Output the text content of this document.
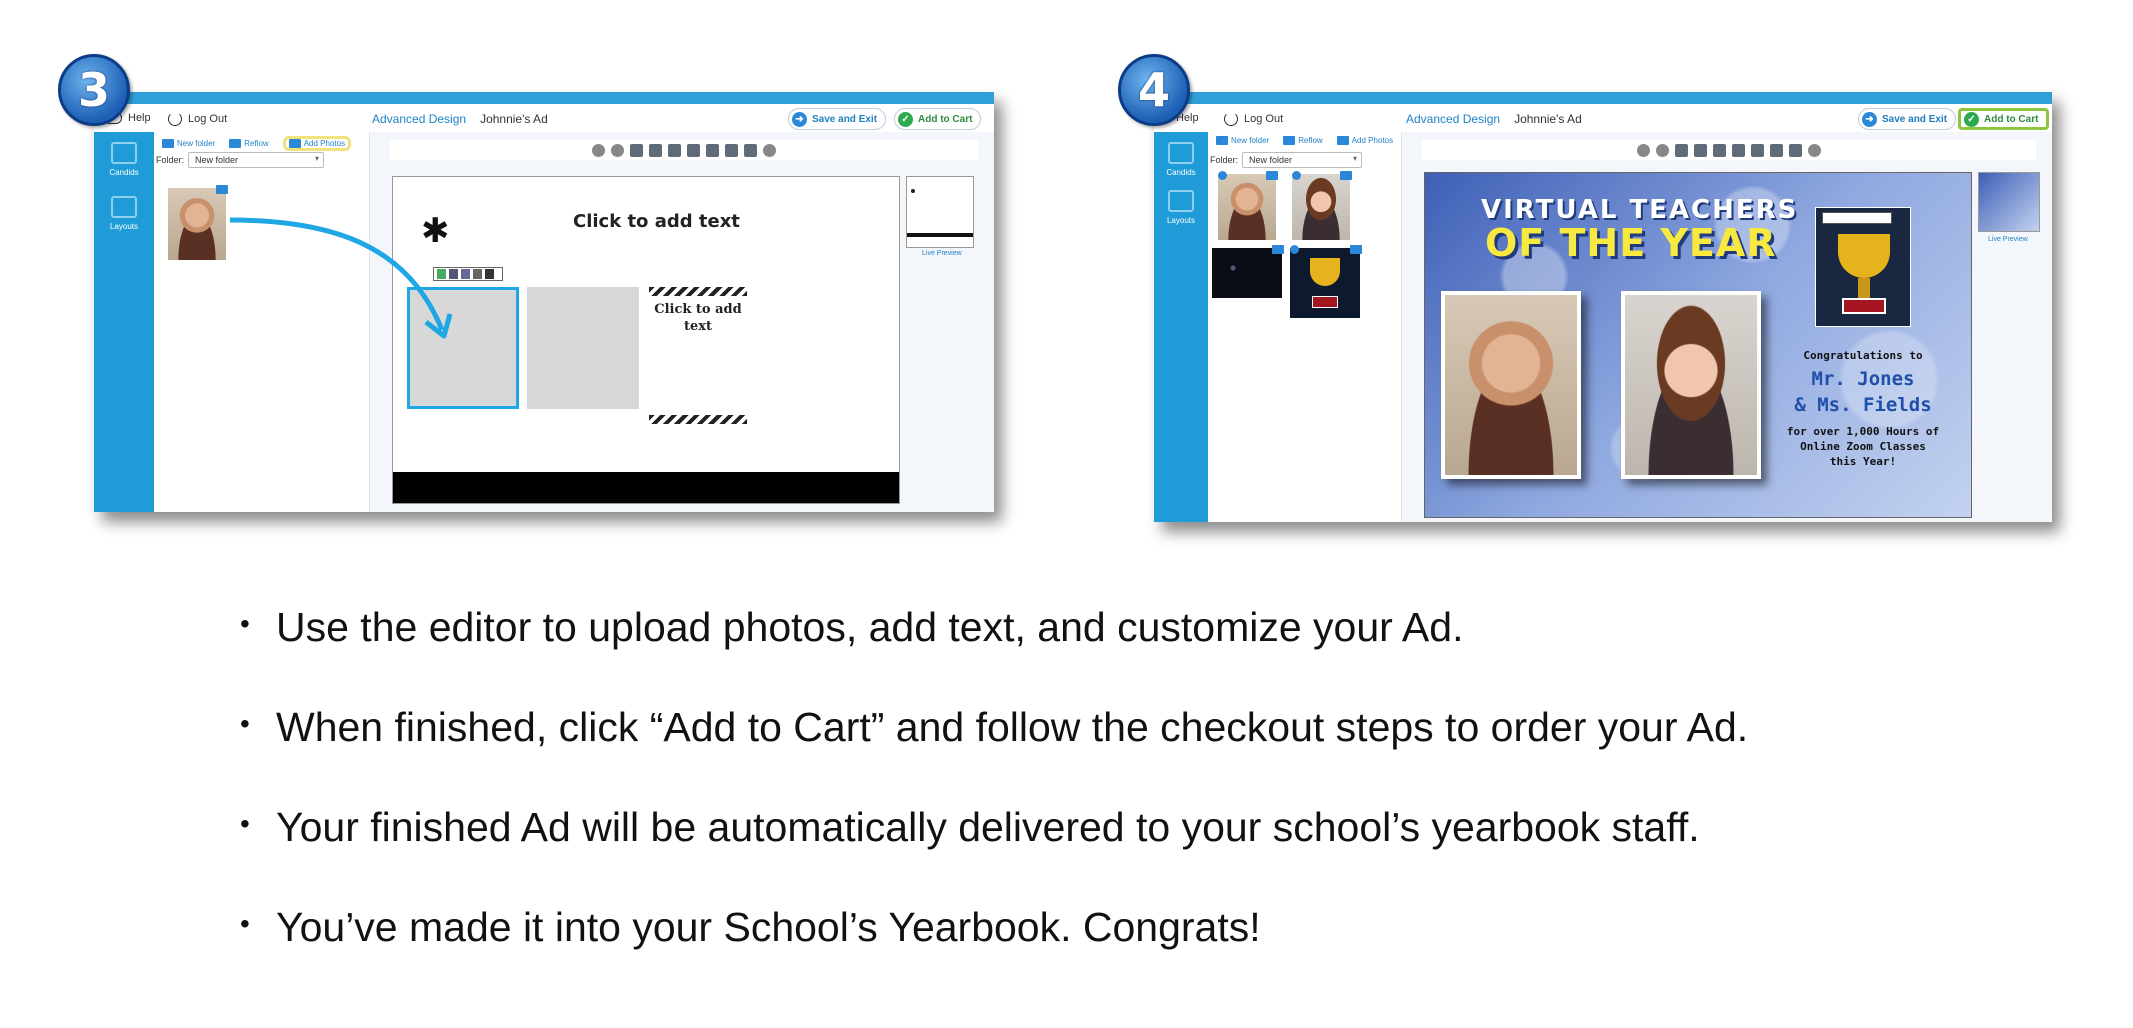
Help	Log Out	Advanced Design Johnnie's Ad	➜ Save and Exit	✓ Add to Cart
Candids
Layouts
New folder	Reflow	Add Photos
Folder:	New folder ▾
✱	Click to add text
Click to add text
Live Preview
Help	Log Out	Advanced Design Johnnie's Ad	➜ Save and Exit	✓ Add to Cart
Candids
Layouts
New folder	Reflow	Add Photos
Folder:	New folder ▾
VIRTUAL TEACHERS
OF THE YEAR
Congratulations to
Mr. Jones
& Ms. Fields
for over 1,000 Hours of
Online Zoom Classes
this Year!
Live Preview
3	4
• Use the editor to upload photos, add text, and customize your Ad.
• When finished, click “Add to Cart” and follow the checkout steps to order your Ad.
• Your finished Ad will be automatically delivered to your school’s yearbook staff.
• You’ve made it into your School’s Yearbook. Congrats!
